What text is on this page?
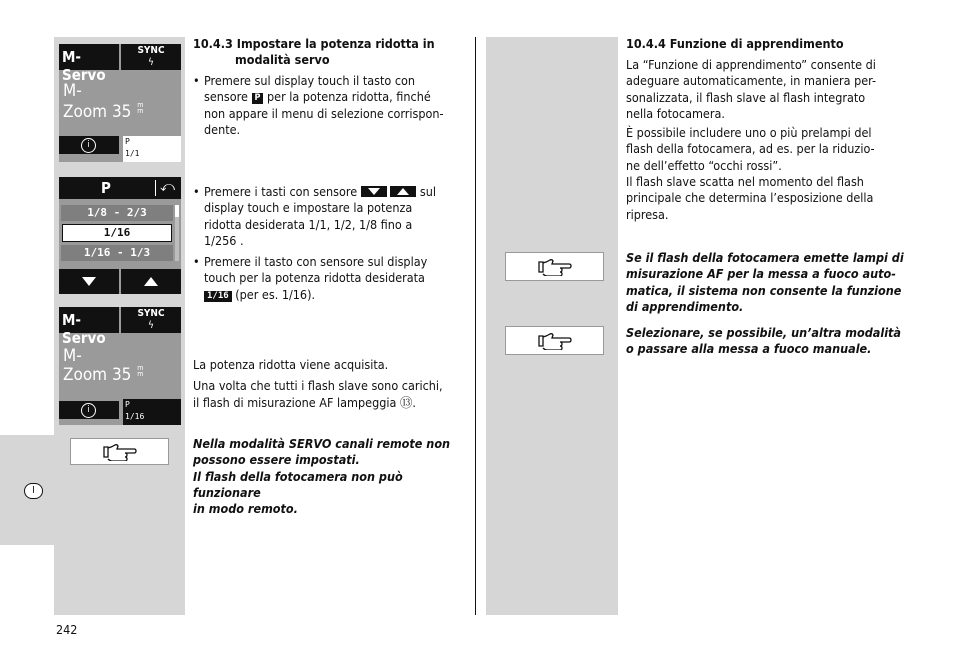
I
M-Servo
SYNC
ϟ
M-
Zoom 35 m
m
i	P
1/1
P	⤺
1/8 - 2/3
1/16
1/16 - 1/3
M-Servo
SYNC
ϟ
M-
Zoom 35 m
m
i
P
1/16
10.4.3 Impostare la potenza ridotta in
modalità servo
• Premere sul display touch il tasto con
sensore P per la potenza ridotta, finché
non appare il menu di selezione corrispon-
dente.
• Premere i tasti con sensore
	sul
display touch e impostare la potenza
ridotta desiderata 1/1, 1/2, 1/8 fino a
1/256 .
• Premere il tasto con sensore sul display
touch per la potenza ridotta desiderata
1/16 (per es. 1/16).
La potenza ridotta viene acquisita.
Una volta che tutti i flash slave sono carichi,
il flash di misurazione AF lampeggia ⑬.
Nella modalità SERVO canali remote non
possono essere impostati.
Il flash della fotocamera non può funzionare
in modo remoto.
10.4.4 Funzione di apprendimento
La “Funzione di apprendimento” consente di
adeguare automaticamente, in maniera per-
sonalizzata, il flash slave al flash integrato
nella fotocamera.
È possibile includere uno o più prelampi del
flash della fotocamera, ad es. per la riduzio-
ne dell’effetto “occhi rossi”.
Il flash slave scatta nel momento del flash
principale che determina l’esposizione della
ripresa.
Se il flash della fotocamera emette lampi di
misurazione AF per la messa a fuoco auto-
matica, il sistema non consente la funzione
di apprendimento.
Selezionare, se possibile, un’altra modalità
o passare alla messa a fuoco manuale.
242
